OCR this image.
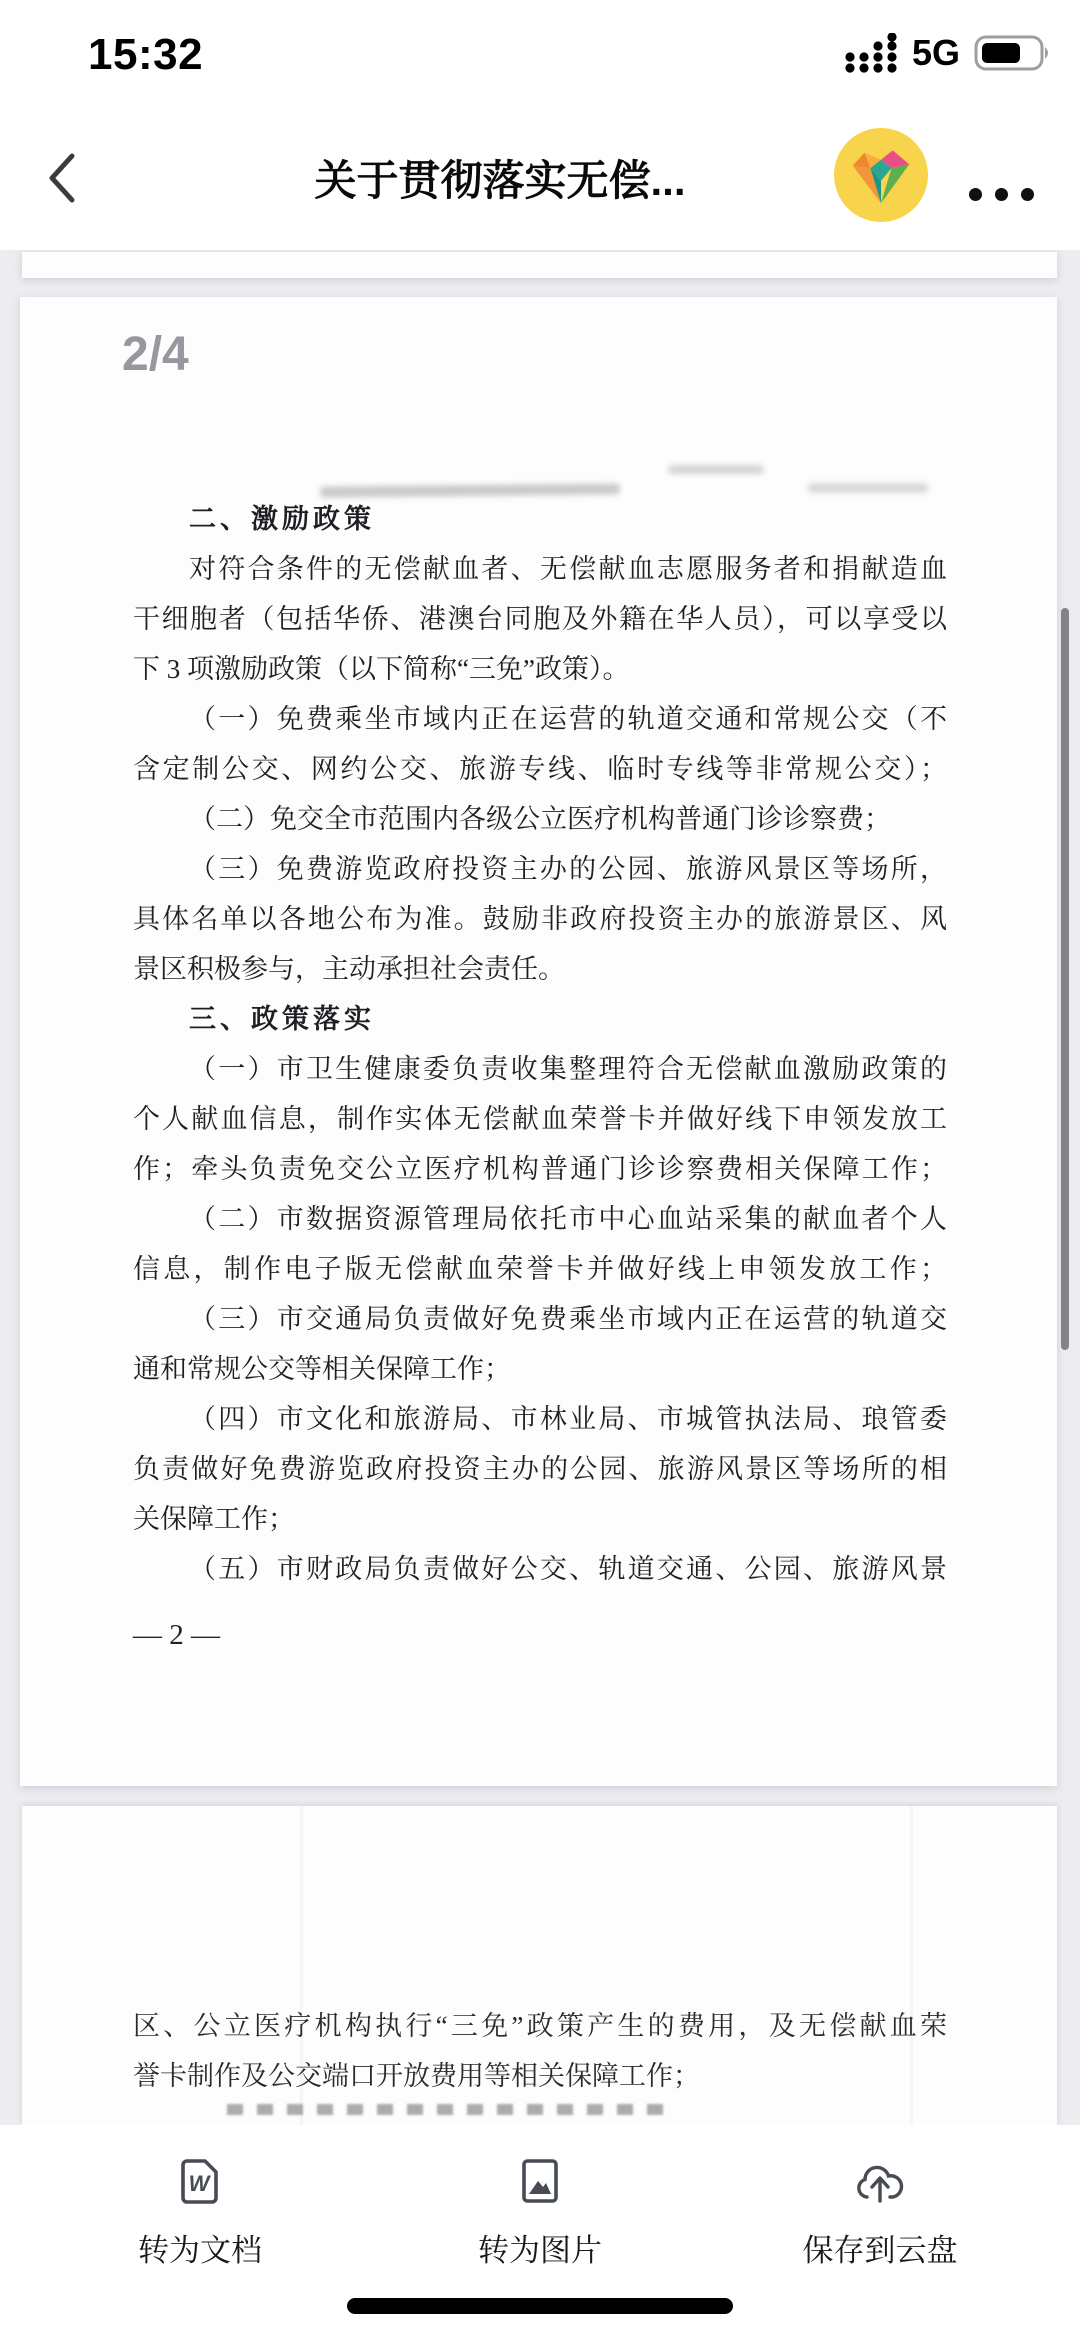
15:32	5G
关于贯彻落实无偿...
2/4
二、激励政策
对符合条件的无偿献血者、无偿献血志愿服务者和捐献造血
干细胞者（包括华侨、港澳台同胞及外籍在华人员），可以享受以
下 3 项激励政策（以下简称“三免”政策）。
（一）免费乘坐市域内正在运营的轨道交通和常规公交（不
含定制公交、网约公交、旅游专线、临时专线等非常规公交）；
（二）免交全市范围内各级公立医疗机构普通门诊诊察费；
（三）免费游览政府投资主办的公园、旅游风景区等场所，
具体名单以各地公布为准。鼓励非政府投资主办的旅游景区、风
景区积极参与，主动承担社会责任。
三、政策落实
（一）市卫生健康委负责收集整理符合无偿献血激励政策的
个人献血信息，制作实体无偿献血荣誉卡并做好线下申领发放工
作；牵头负责免交公立医疗机构普通门诊诊察费相关保障工作；
（二）市数据资源管理局依托市中心血站采集的献血者个人
信息，制作电子版无偿献血荣誉卡并做好线上申领发放工作；
（三）市交通局负责做好免费乘坐市域内正在运营的轨道交
通和常规公交等相关保障工作；
（四）市文化和旅游局、市林业局、市城管执法局、琅管委
负责做好免费游览政府投资主办的公园、旅游风景区等场所的相
关保障工作；
（五）市财政局负责做好公交、轨道交通、公园、旅游风景
— 2 —
区、公立医疗机构执行“三免”政策产生的费用，及无偿献血荣
誉卡制作及公交端口开放费用等相关保障工作；
W
转为文档	转为图片	保存到云盘
